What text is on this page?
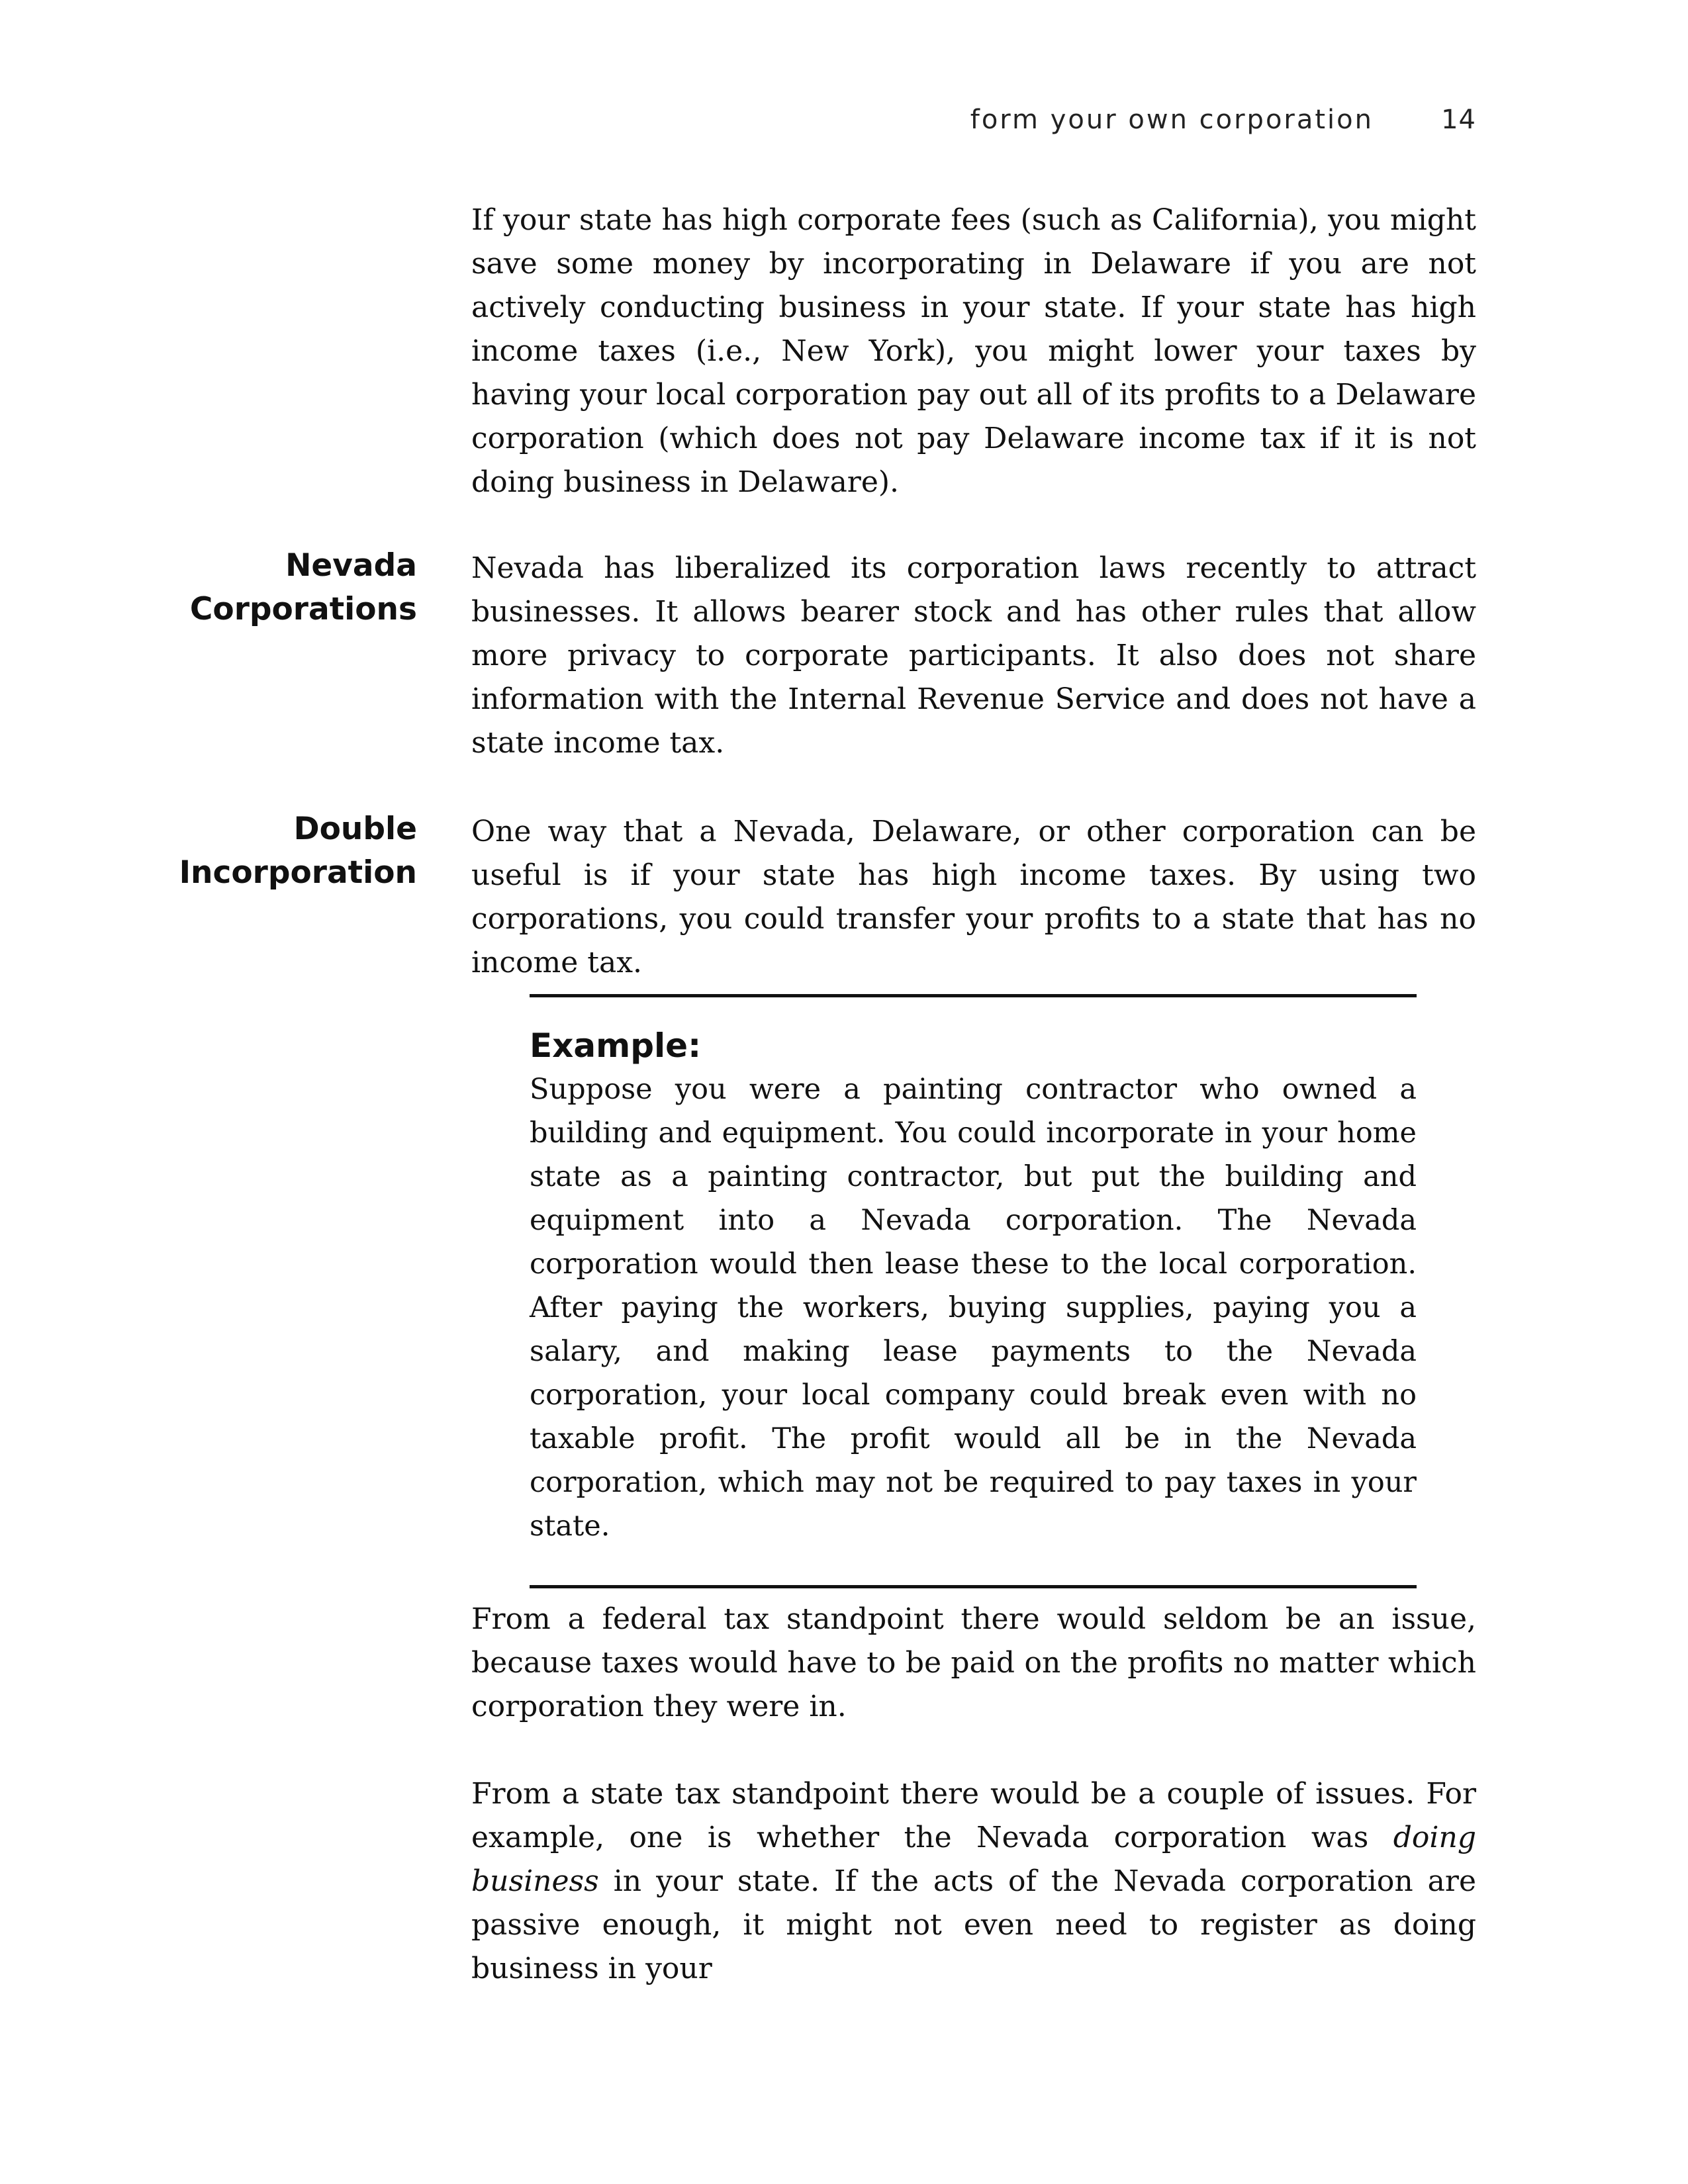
form your own corporation	14

If your state has high corporate fees (such as California), you might save some money by incorporating in Delaware if you are not actively conducting business in your state. If your state has high income taxes (i.e., New York), you might lower your taxes by having your local corporation pay out all of its profits to a Delaware corporation (which does not pay Delaware income tax if it is not doing business in Delaware).

Nevada
Corporations

Nevada has liberalized its corporation laws recently to attract businesses. It allows bearer stock and has other rules that allow more privacy to corporate participants. It also does not share information with the Internal Revenue Service and does not have a state income tax.

Double
Incorporation

One way that a Nevada, Delaware, or other corporation can be useful is if your state has high income taxes. By using two corporations, you could transfer your profits to a state that has no income tax.

Example:

Suppose you were a painting contractor who owned a building and equipment. You could incorporate in your home state as a painting contractor, but put the building and equipment into a Nevada corporation. The Nevada corporation would then lease these to the local corporation. After paying the workers, buying supplies, paying you a salary, and making lease payments to the Nevada corporation, your local company could break even with no taxable profit. The profit would all be in the Nevada corporation, which may not be required to pay taxes in your state.

From a federal tax standpoint there would seldom be an issue, because taxes would have to be paid on the profits no matter which corporation they were in.

From a state tax standpoint there would be a couple of issues. For example, one is whether the Nevada corporation was doing business in your state. If the acts of the Nevada corporation are passive enough, it might not even need to register as doing business in your
